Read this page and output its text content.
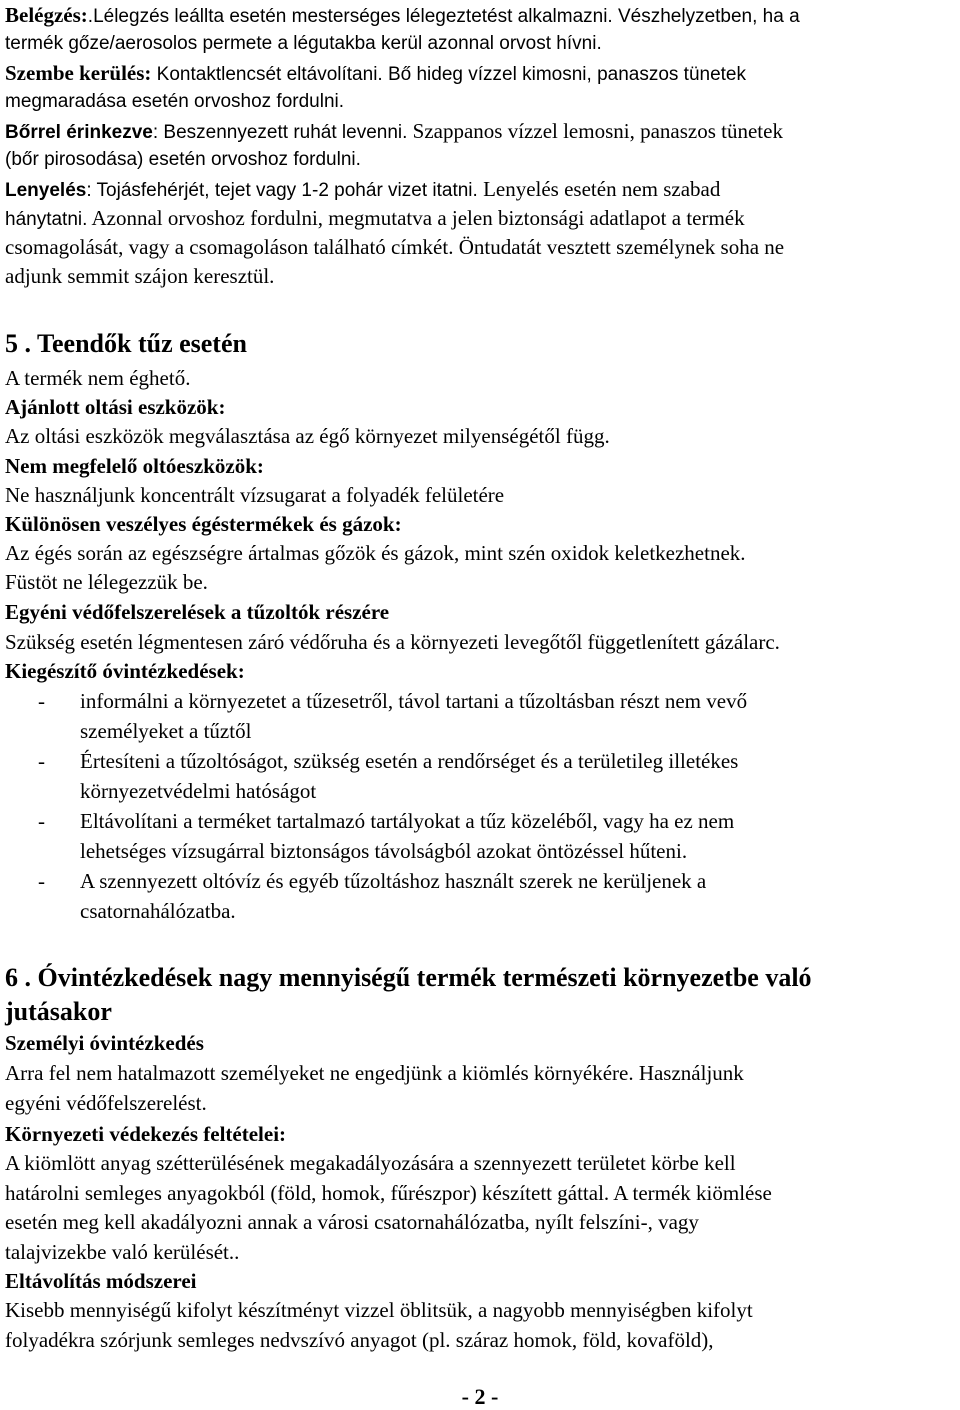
Belégzés:.Lélegzés leállta esetén mesterséges lélegeztetést alkalmazni. Vészhelyzetben, ha a
termék gőze/aerosolos permete a légutakba kerül azonnal orvost hívni.
Szembe kerülés: Kontaktlencsét eltávolítani. Bő hideg vízzel kimosni, panaszos tünetek
megmaradása esetén orvoshoz fordulni.
Bőrrel érinkezve: Beszennyezett ruhát levenni. Szappanos vízzel lemosni, panaszos tünetek
(bőr pirosodása) esetén orvoshoz fordulni.
Lenyelés: Tojásfehérjét, tejet vagy 1-2 pohár vizet itatni. Lenyelés esetén nem szabad
hánytatni. Azonnal orvoshoz fordulni, megmutatva a jelen biztonsági adatlapot a termék
csomagolását, vagy a csomagoláson található címkét. Öntudatát vesztett személynek soha ne
adjunk semmit szájon keresztül.
5 . Teendők tűz esetén
A termék nem éghető.
Ajánlott oltási eszközök:
Az oltási eszközök megválasztása az égő környezet milyenségétől függ.
Nem megfelelő oltóeszközök:
Ne használjunk koncentrált vízsugarat a folyadék felületére
Különösen veszélyes égéstermékek és gázok:
Az égés során az egészségre ártalmas gőzök és gázok, mint szén oxidok keletkezhetnek.
Füstöt ne lélegezzük be.
Egyéni védőfelszerelések a tűzoltók részére
Szükség esetén légmentesen záró védőruha és a környezeti levegőtől függetlenített gázálarc.
Kiegészítő óvintézkedések:
- informálni a környezetet a tűzesetről, távol tartani a tűzoltásban részt nem vevő
személyeket a tűztől
- Értesíteni a tűzoltóságot, szükség esetén a rendőrséget és a területileg illetékes
környezetvédelmi hatóságot
- Eltávolítani a terméket tartalmazó tartályokat a tűz közeléből, vagy ha ez nem
lehetséges vízsugárral biztonságos távolságból azokat öntözéssel hűteni.
- A szennyezett oltóvíz és egyéb tűzoltáshoz használt szerek ne kerüljenek a
csatornahálózatba.
6 . Óvintézkedések nagy mennyiségű termék természeti környezetbe való
jutásakor
Személyi óvintézkedés
Arra fel nem hatalmazott személyeket ne engedjünk a kiömlés környékére. Használjunk
egyéni védőfelszerelést.
Környezeti védekezés feltételei:
A kiömlött anyag szétterülésének megakadályozására a szennyezett területet körbe kell
határolni semleges anyagokból (föld, homok, fűrészpor) készített gáttal. A termék kiömlése
esetén meg kell akadályozni annak a városi csatornahálózatba, nyílt felszíni-, vagy
talajvizekbe való kerülését..
Eltávolítás módszerei
Kisebb mennyiségű kifolyt készítményt vizzel öblitsük, a nagyobb mennyiségben kifolyt
folyadékra szórjunk semleges nedvszívó anyagot (pl. száraz homok, föld, kovaföld),
- 2 -
